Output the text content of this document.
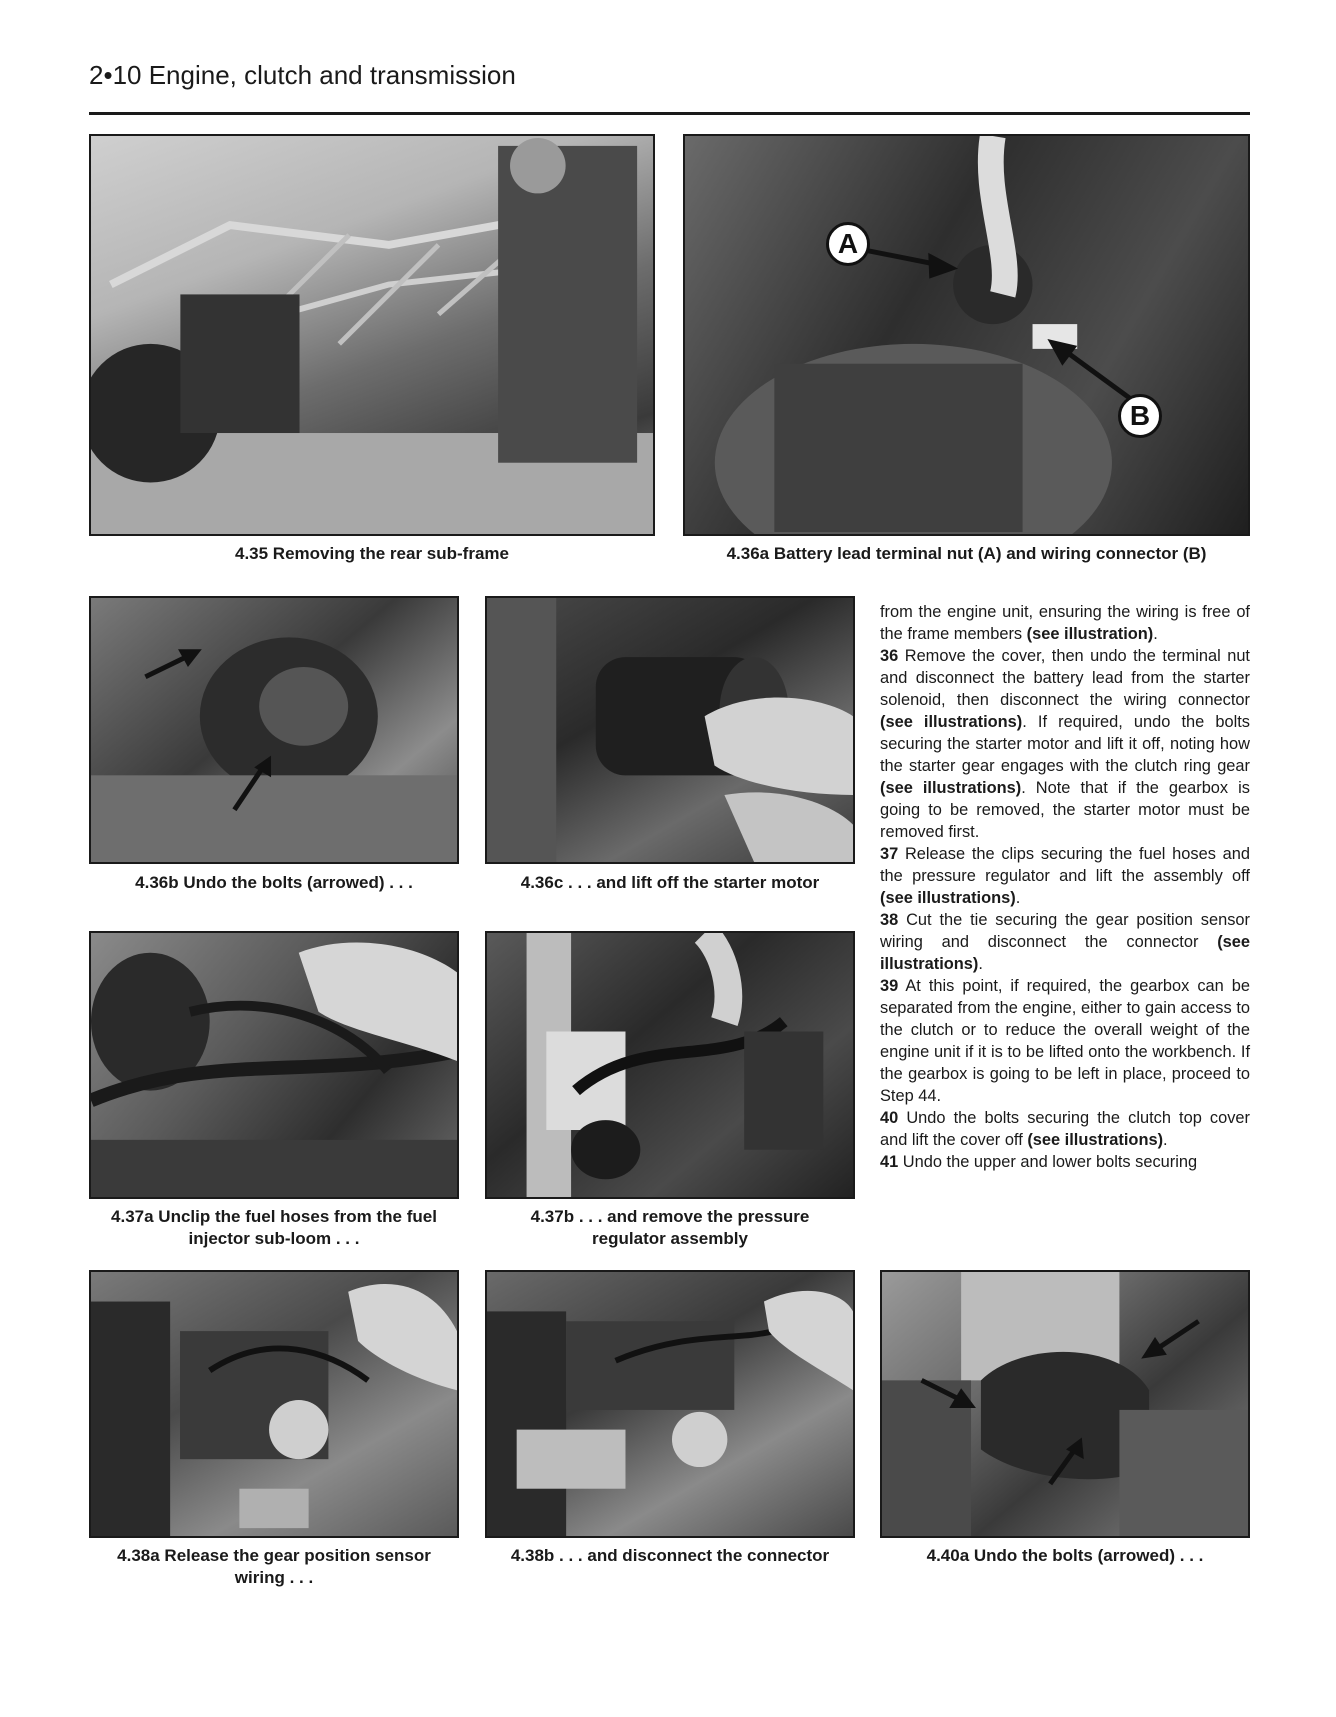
2•10 Engine, clutch and transmission
4.35 Removing the rear sub-frame
A
B
4.36a Battery lead terminal nut (A) and wiring connector (B)
4.36b Undo the bolts (arrowed) . . .	4.36c . . . and lift off the starter motor
4.37a Unclip the fuel hoses from the fuel
injector sub-loom . . .
4.37b . . . and remove the pressure
regulator assembly
4.38a Release the gear position sensor
wiring . . .
4.38b . . . and disconnect the connector	4.40a Undo the bolts (arrowed) . . .

from the engine unit, ensuring the wiring is free of the frame members (see illustration).

36 Remove the cover, then undo the terminal nut and disconnect the battery lead from the starter solenoid, then disconnect the wiring connector (see illustrations). If required, undo the bolts securing the starter motor and lift it off, noting how the starter gear engages with the clutch ring gear (see illustrations). Note that if the gearbox is going to be removed, the starter motor must be removed first.

37 Release the clips securing the fuel hoses and the pressure regulator and lift the assembly off (see illustrations).

38 Cut the tie securing the gear position sensor wiring and disconnect the connector (see illustrations).

39 At this point, if required, the gearbox can be separated from the engine, either to gain access to the clutch or to reduce the overall weight of the engine unit if it is to be lifted onto the workbench. If the gearbox is going to be left in place, proceed to Step 44.

40 Undo the bolts securing the clutch top cover and lift the cover off (see illustrations).

41 Undo the upper and lower bolts securing
